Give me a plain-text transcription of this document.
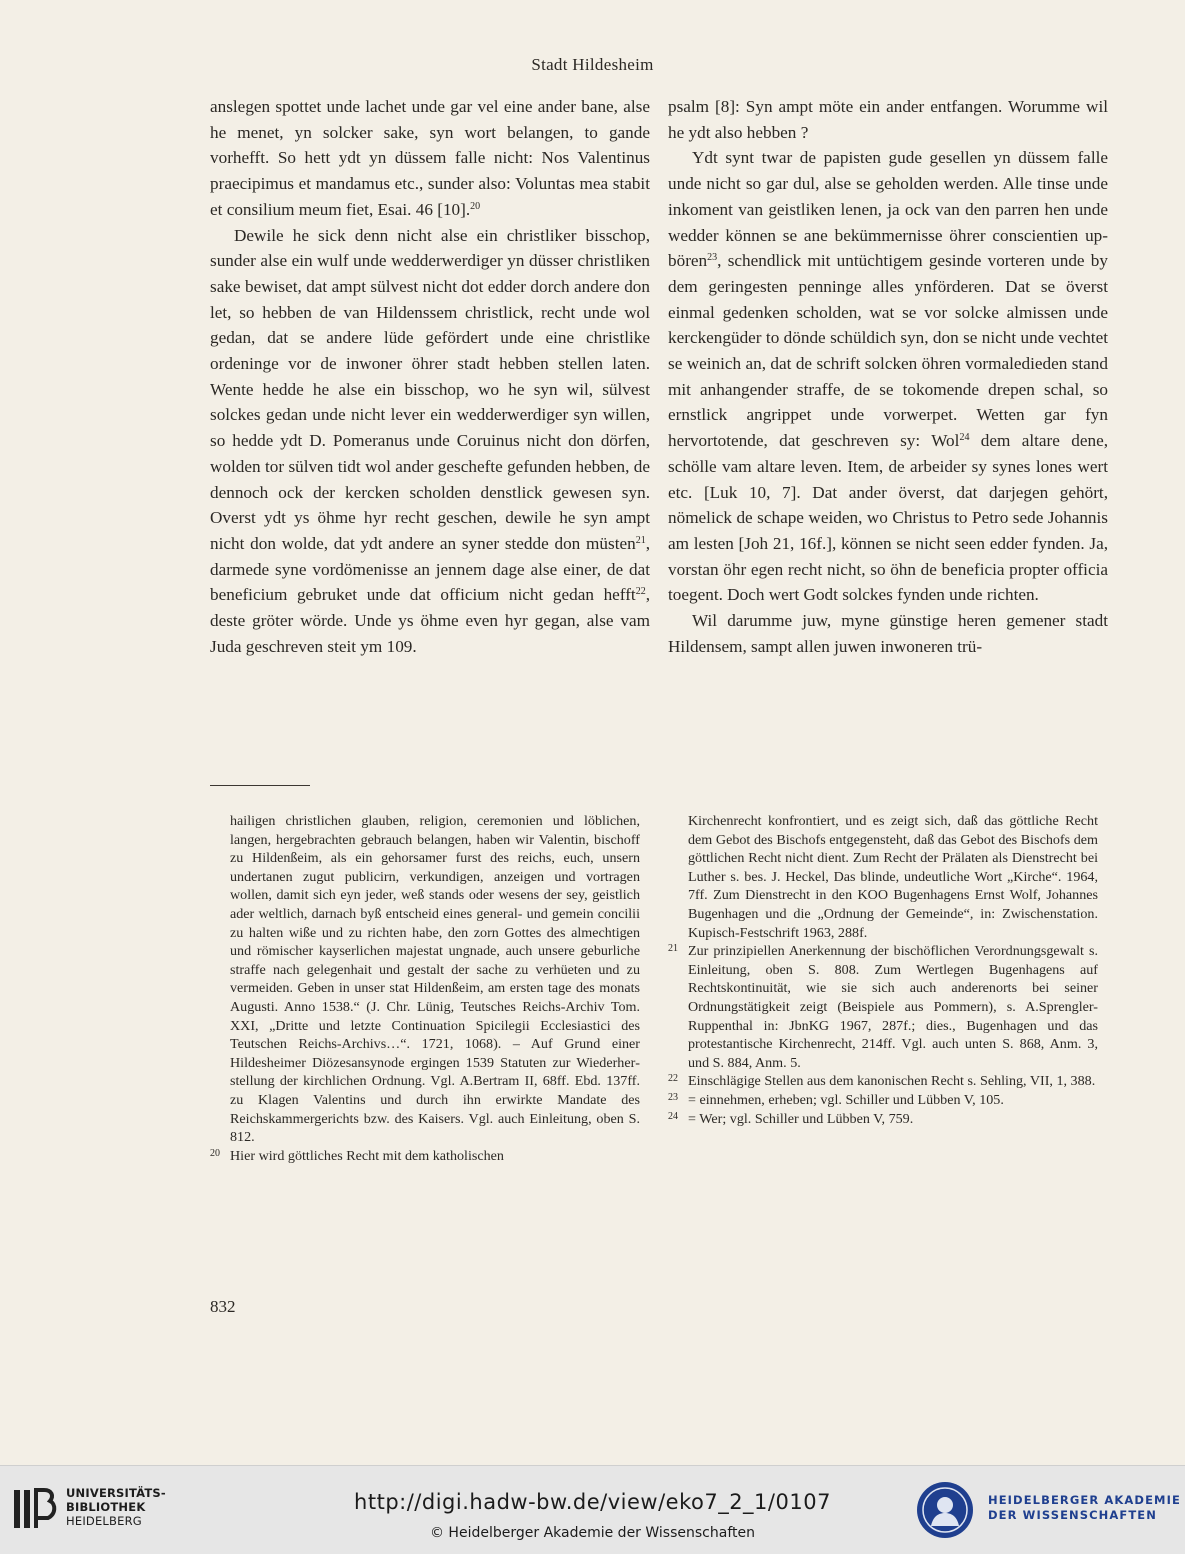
Stadt Hildesheim

anslegen spottet unde lachet unde gar vel eine ander bane, alse he menet, yn solcker sake, syn wort belangen, to gande vorhefft. So hett ydt yn düssem falle nicht: Nos Valentinus praecipimus et mandamus etc., sunder also: Voluntas mea stabit et consilium meum fiet, Esai. 46 [10].$^{20}$

Dewile he sick denn nicht alse ein christliker bisschop, sunder alse ein wulf unde wedderwerdiger yn düsser christliken sake bewiset, dat ampt sülvest nicht dot edder dorch andere don let, so hebben de van Hildenssem christlick, recht unde wol gedan, dat se andere lüde gefördert unde eine christlike ordeninge vor de inwoner öhrer stadt hebben stellen laten. Wente hedde he alse ein bisschop, wo he syn wil, sülvest solckes gedan unde nicht lever ein wedderwerdiger syn willen, so hedde ydt D. Pomeranus unde Coruinus nicht don dörfen, wolden tor sülven tidt wol ander geschefte gefunden hebben, de dennoch ock der kercken scholden denstlick gewesen syn. Overst ydt ys öhme hyr recht geschen, dewile he syn ampt nicht don wolde, dat ydt andere an syner stedde don müsten$^{21}$, darmede syne vordömenisse an jennem dage alse einer, de dat beneficium gebruket unde dat officium nicht gedan hefft$^{22}$, deste gröter wörde. Unde ys öhme even hyr gegan, alse vam Juda geschreven steit ym 109.

psalm [8]: Syn ampt möte ein ander entfangen. Worumme wil he ydt also hebben ?

Ydt synt twar de papisten gude gesellen yn düssem falle unde nicht so gar dul, alse se geholden werden. Alle tinse unde inkoment van geistliken lenen, ja ock van den parren hen unde wedder können se ane bekümmernisse öhrer conscientien upbören$^{23}$, schendlick mit untüchtigem gesinde vorteren unde by dem geringesten penninge alles ynförderen. Dat se överst einmal gedenken scholden, wat se vor solcke almissen unde kerckengüder to dönde schüldich syn, don se nicht unde vechtet se weinich an, dat de schrift solcken öhren vormaledieden stand mit anhangender straffe, de se tokomende drepen schal, so ernstlick angrippet unde vorwerpet. Wetten gar fyn hervortotende, dat geschreven sy: Wol$^{24}$ dem altare dene, schölle vam altare leven. Item, de arbeider sy synes lones wert etc. [Luk 10, 7]. Dat ander överst, dat darjegen gehört, nömelick de schape weiden, wo Christus to Petro sede Johannis am lesten [Joh 21, 16f.], können se nicht seen edder fynden. Ja, vorstan öhr egen recht nicht, so öhn de beneficia propter officia toegent. Doch wert Godt solckes fynden unde richten.

Wil darumme juw, myne günstige heren gemener stadt Hildensem, sampt allen juwen inwoneren trü-

hailigen christlichen glauben, religion, ceremonien und löblichen, langen, hergebrachten gebrauch belangen, haben wir Valentin, bischoff zu Hildenßeim, als ein gehorsamer furst des reichs, euch, unsern undertanen zugut publicirn, verkundigen, anzeigen und vortragen wollen, damit sich eyn jeder, weß stands oder wesens der sey, geistlich ader weltlich, darnach byß entscheid eines general- und gemein concilii zu halten wiße und zu richten habe, den zorn Gottes des almechtigen und römischer kayserlichen majestat ungnade, auch unsere geburliche straffe nach gelegenhait und gestalt der sache zu verhüeten und zu vermeiden. Geben in unser stat Hildenßeim, am ersten tage des monats Augusti. Anno 1538.“ (J. Chr. Lünig, Teutsches Reichs-Archiv Tom. XXI, „Dritte und letzte Continuation Spicilegii Ecclesiastici des Teutschen Reichs-Archivs…“. 1721, 1068). – Auf Grund einer Hildesheimer Diözesansynode ergingen 1539 Statuten zur Wiederherstellung der kirchlichen Ordnung. Vgl. A.Bertram II, 68ff. Ebd. 137ff. zu Klagen Valentins und durch ihn erwirkte Mandate des Reichskammergerichts bzw. des Kaisers. Vgl. auch Einleitung, oben S. 812.

20 Hier wird göttliches Recht mit dem katholischen

Kirchenrecht konfrontiert, und es zeigt sich, daß das göttliche Recht dem Gebot des Bischofs entgegensteht, daß das Gebot des Bischofs dem göttlichen Recht nicht dient. Zum Recht der Prälaten als Dienstrecht bei Luther s. bes. J. Heckel, Das blinde, undeutliche Wort „Kirche“. 1964, 7ff. Zum Dienstrecht in den KOO Bugenhagens Ernst Wolf, Johannes Bugenhagen und die „Ordnung der Gemeinde“, in: Zwischenstation. Kupisch-Festschrift 1963, 288f.

21 Zur prinzipiellen Anerkennung der bischöflichen Verordnungsgewalt s. Einleitung, oben S. 808. Zum Wertlegen Bugenhagens auf Rechtskontinuität, wie sie sich auch anderenorts bei seiner Ordnungstätigkeit zeigt (Beispiele aus Pommern), s. A.Sprengler-Ruppenthal in: JbnKG 1967, 287f.; dies., Bugenhagen und das protestantische Kirchenrecht, 214ff. Vgl. auch unten S. 868, Anm. 3, und S. 884, Anm. 5.

22 Einschlägige Stellen aus dem kanonischen Recht s. Sehling, VII, 1, 388.

23 = einnehmen, erheben; vgl. Schiller und Lübben V, 105.

24 = Wer; vgl. Schiller und Lübben V, 759.

832
UNIVERSITÄTS-
BIBLIOTHEK
HEIDELBERG
http://digi.hadw-bw.de/view/eko7_2_1/0107
© Heidelberger Akademie der Wissenschaften
HEIDELBERGER AKADEMIE
DER WISSENSCHAFTEN
